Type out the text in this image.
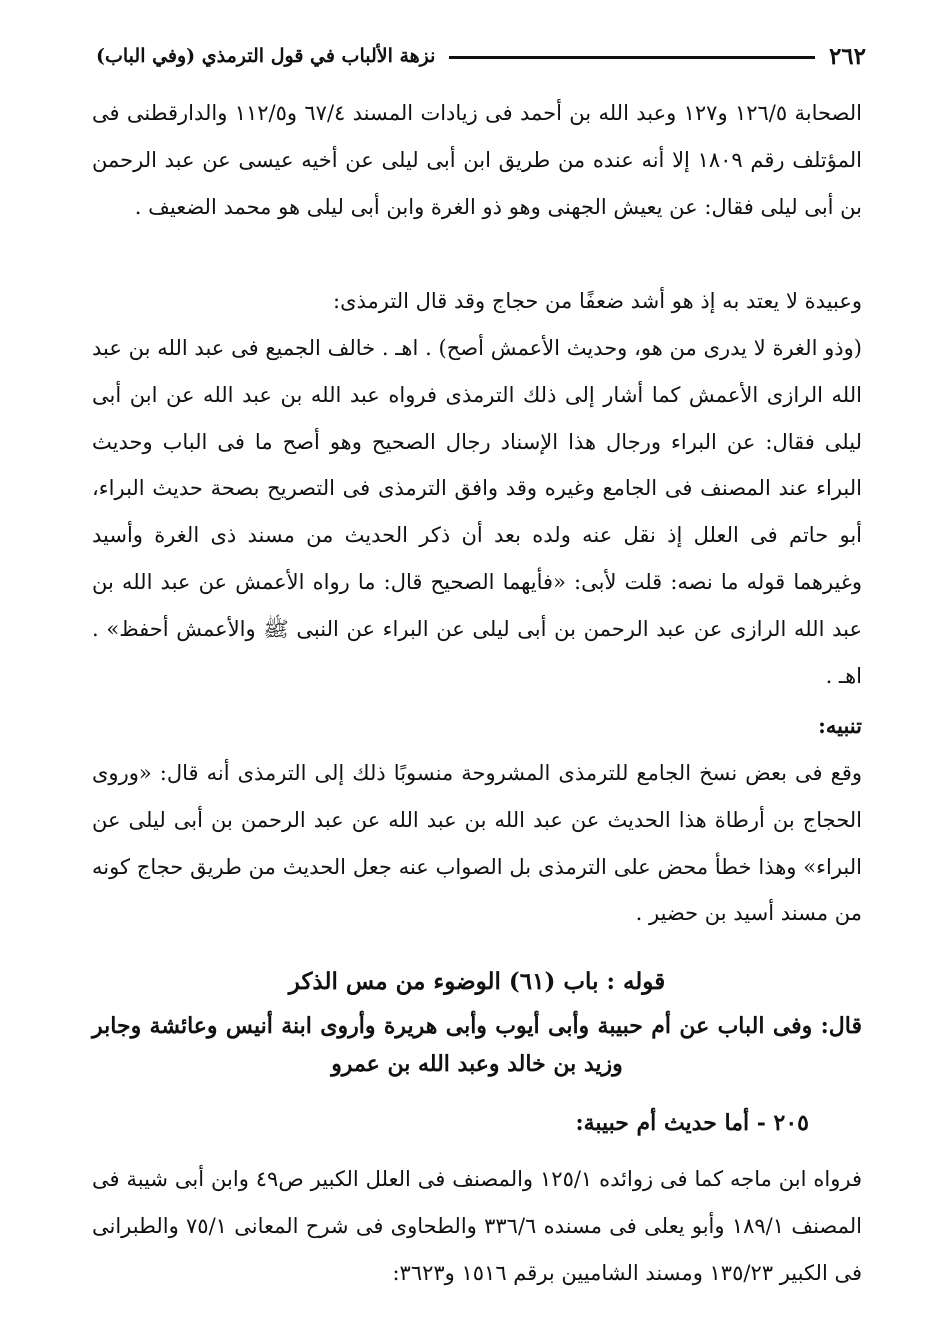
٢٦٢
نزهة الألباب في قول الترمذي (وفي الباب)

الصحابة ١٢٦/٥ و١٢٧ وعبد الله بن أحمد فى زيادات المسند ٦٧/٤ و١١٢/٥ والدارقطنى فى المؤتلف رقم ١٨٠٩ إلا أنه عنده من طريق ابن أبى ليلى عن أخيه عيسى عن عبد الرحمن بن أبى ليلى فقال: عن يعيش الجهنى وهو ذو الغرة وابن أبى ليلى هو محمد الضعيف .

وعبيدة لا يعتد به إذ هو أشد ضعفًا من حجاج وقد قال الترمذى:

(وذو الغرة لا يدرى من هو، وحديث الأعمش أصح) . اهـ . خالف الجميع فى عبد الله بن عبد الله الرازى الأعمش كما أشار إلى ذلك الترمذى فرواه عبد الله بن عبد الله عن ابن أبى ليلى فقال: عن البراء ورجال هذا الإسناد رجال الصحيح وهو أصح ما فى الباب وحديث البراء عند المصنف فى الجامع وغيره وقد وافق الترمذى فى التصريح بصحة حديث البراء، أبو حاتم فى العلل إذ نقل عنه ولده بعد أن ذكر الحديث من مسند ذى الغرة وأسيد وغيرهما قوله ما نصه: قلت لأبى: «فأيهما الصحيح قال: ما رواه الأعمش عن عبد الله بن عبد الله الرازى عن عبد الرحمن بن أبى ليلى عن البراء عن النبى ﷺ والأعمش أحفظ» . اهـ .

تنبيه:

وقع فى بعض نسخ الجامع للترمذى المشروحة منسوبًا ذلك إلى الترمذى أنه قال: «وروى الحجاج بن أرطاة هذا الحديث عن عبد الله بن عبد الله عن عبد الرحمن بن أبى ليلى عن البراء» وهذا خطأ محض على الترمذى بل الصواب عنه جعل الحديث من طريق حجاج كونه من مسند أسيد بن حضير .

قوله : باب (٦١) الوضوء من مس الذكر

قال: وفى الباب عن أم حبيبة وأبى أيوب وأبى هريرة وأروى ابنة أنيس وعائشة وجابر وزيد بن خالد وعبد الله بن عمرو

٢٠٥ - أما حديث أم حبيبة:

فرواه ابن ماجه كما فى زوائده ١٢٥/١ والمصنف فى العلل الكبير ص٤٩ وابن أبى شيبة فى المصنف ١٨٩/١ وأبو يعلى فى مسنده ٣٣٦/٦ والطحاوى فى شرح المعانى ٧٥/١ والطبرانى فى الكبير ١٣٥/٢٣ ومسند الشاميين برقم ١٥١٦ و٣٦٢٣:
